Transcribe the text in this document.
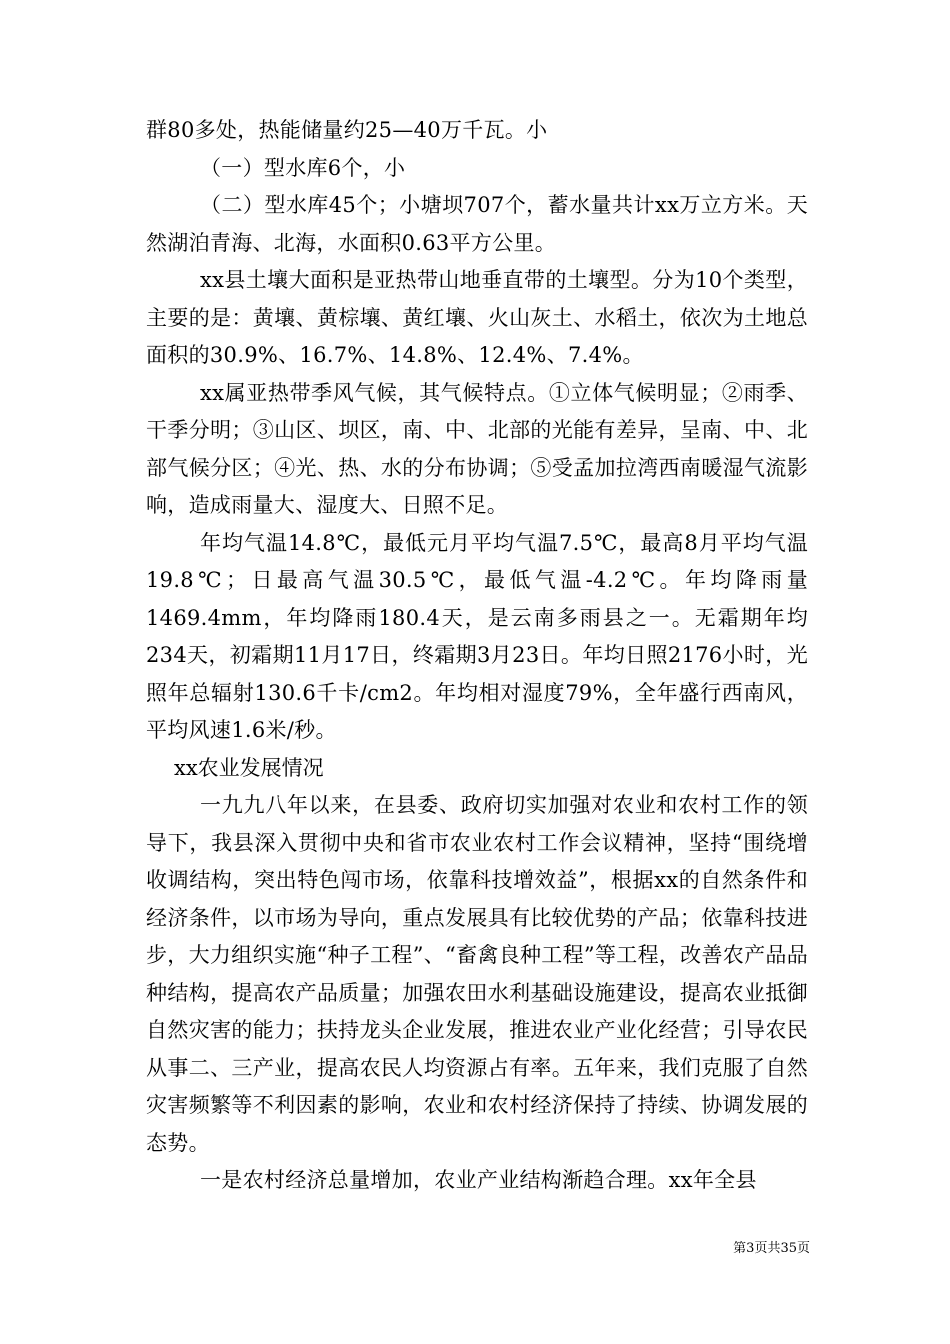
群80多处，热能储量约25—40万千瓦。小

（一）型水库6个，小

（二）型水库45个；小塘坝707个，蓄水量共计xx万立方米。天然湖泊青海、北海，水面积0.63平方公里。

xx县土壤大面积是亚热带山地垂直带的土壤型。分为10个类型，主要的是：黄壤、黄棕壤、黄红壤、火山灰土、水稻土，依次为土地总面积的30.9%、16.7%、14.8%、12.4%、7.4%。

xx属亚热带季风气候，其气候特点。①立体气候明显；②雨季、干季分明；③山区、坝区，南、中、北部的光能有差异，呈南、中、北部气候分区；④光、热、水的分布协调；⑤受孟加拉湾西南暖湿气流影响，造成雨量大、湿度大、日照不足。

年均气温14.8℃，最低元月平均气温7.5℃，最高8月平均气温19.8℃；日最高气温30.5℃，最低气温-4.2℃。年均降雨量1469.4mm，年均降雨180.4天，是云南多雨县之一。无霜期年均234天，初霜期11月17日，终霜期3月23日。年均日照2176小时，光照年总辐射130.6千卡/cm2。年均相对湿度79%，全年盛行西南风，平均风速1.6米/秒。

xx农业发展情况

一九九八年以来，在县委、政府切实加强对农业和农村工作的领导下，我县深入贯彻中央和省市农业农村工作会议精神，坚持“围绕增收调结构，突出特色闯市场，依靠科技增效益”，根据xx的自然条件和经济条件，以市场为导向，重点发展具有比较优势的产品；依靠科技进步，大力组织实施“种子工程”、“畜禽良种工程”等工程，改善农产品品种结构，提高农产品质量；加强农田水利基础设施建设，提高农业抵御自然灾害的能力；扶持龙头企业发展，推进农业产业化经营；引导农民从事二、三产业，提高农民人均资源占有率。五年来，我们克服了自然灾害频繁等不利因素的影响，农业和农村经济保持了持续、协调发展的态势。

一是农村经济总量增加，农业产业结构渐趋合理。xx年全县

第3页共35页
